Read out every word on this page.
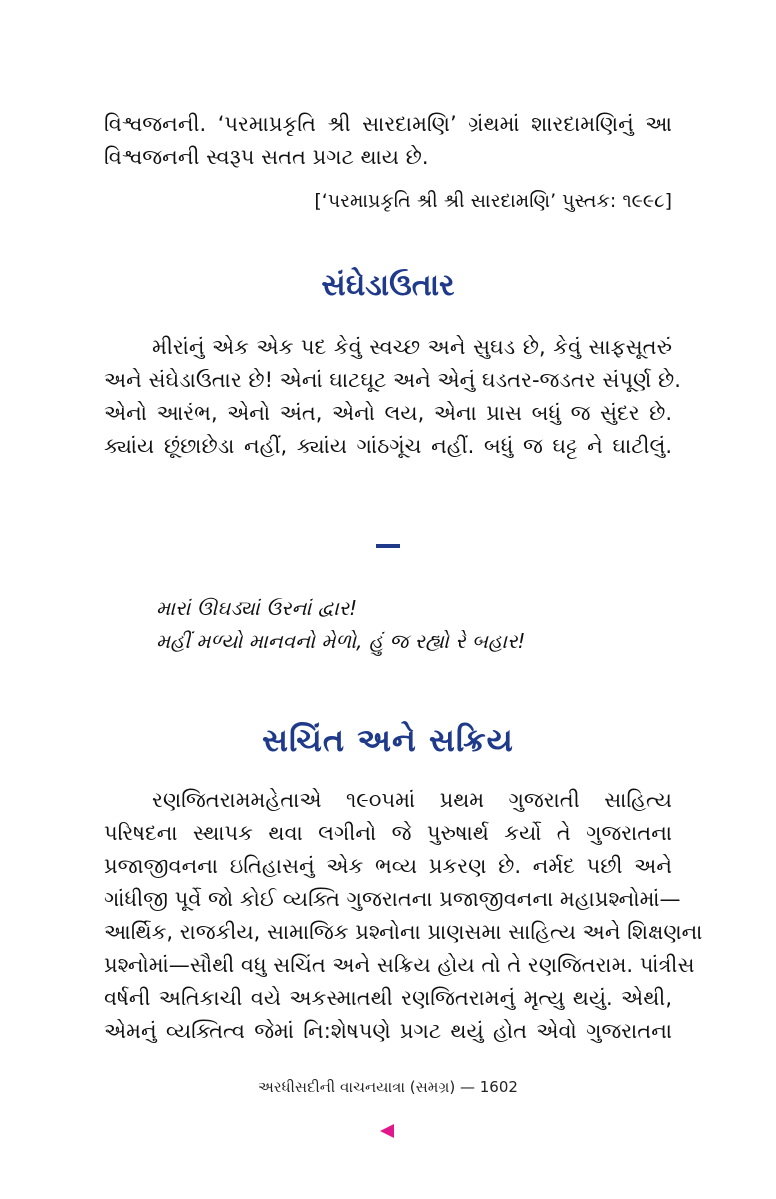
વિશ્વજનની. ‘પરમાપ્રકૃતિ શ્રી સારદામણિ’ ગ્રંથમાં શારદામણિનું આ

વિશ્વજનની સ્વરૂપ સતત પ્રગટ થાય છે.

[‘પરમાપ્રકૃતિ શ્રી શ્રી સારદામણિ’ પુસ્તક: ૧૯૯૮]
સંઘેડાઉતાર

મીરાંનું એક એક પદ કેવું સ્વચ્છ અને સુઘડ છે, કેવું સાફસૂતરું

અને સંઘેડાઉતાર છે! એનાં ઘાટઘૂટ અને એનું ઘડતર-જડતર સંપૂર્ણ છે.

એનો આરંભ, એનો અંત, એનો લય, એના પ્રાસ બધું જ સુંદર છે.

ક્યાંય છૂંછાછેડા નહીં, ક્યાંય ગાંઠગૂંચ નહીં. બધું જ ઘટ્ટ ને ઘાટીલું.

મારાં ઊઘડ્યાં ઉરનાં દ્વાર!

મહીં મળ્યો માનવનો મેળો, હું જ રહ્યો રે બહાર!

સચિંત અને સક્રિય

રણજિતરામમહેતાએ ૧૯૦૫માં પ્રથમ ગુજરાતી સાહિત્ય

પરિષદના સ્થાપક થવા લગીનો જે પુરુષાર્થ કર્યો તે ગુજરાતના

પ્રજાજીવનના ઇતિહાસનું એક ભવ્ય પ્રકરણ છે. નર્મદ પછી અને

ગાંધીજી પૂર્વે જો કોઈ વ્યક્તિ ગુજરાતના પ્રજાજીવનના મહાપ્રશ્નોમાં—

આર્થિક, રાજકીય, સામાજિક પ્રશ્નોના પ્રાણસમા સાહિત્ય અને શિક્ષણના

પ્રશ્નોમાં—સૌથી વધુ સચિંત અને સક્રિય હોય તો તે રણજિતરામ. પાંત્રીસ

વર્ષની અતિકાચી વયે અકસ્માતથી રણજિતરામનું મૃત્યુ થયું. એથી,

એમનું વ્યક્તિત્વ જેમાં નિ:શેષપણે પ્રગટ થયું હોત એવો ગુજરાતના

અરધીસદીની વાચનયાત્રા (સમગ્ર) — 1602
